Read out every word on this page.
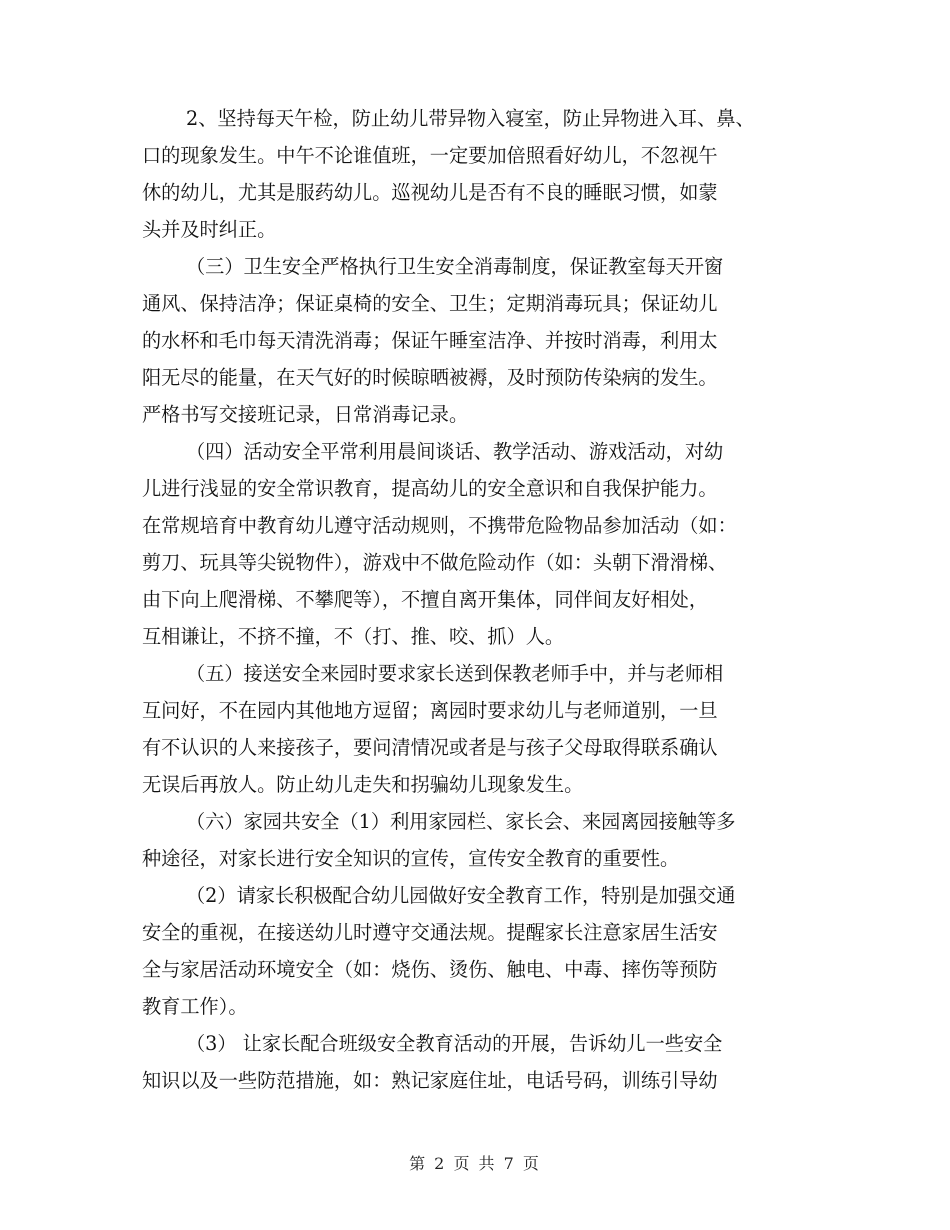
2、坚持每天午检，防止幼儿带异物入寝室，防止异物进入耳、鼻、
口的现象发生。中午不论谁值班，一定要加倍照看好幼儿，不忽视午
休的幼儿，尤其是服药幼儿。巡视幼儿是否有不良的睡眠习惯，如蒙
头并及时纠正。
（三）卫生安全严格执行卫生安全消毒制度，保证教室每天开窗
通风、保持洁净；保证桌椅的安全、卫生；定期消毒玩具；保证幼儿
的水杯和毛巾每天清洗消毒；保证午睡室洁净、并按时消毒，利用太
阳无尽的能量，在天气好的时候晾晒被褥，及时预防传染病的发生。
严格书写交接班记录，日常消毒记录。
（四）活动安全平常利用晨间谈话、教学活动、游戏活动，对幼
儿进行浅显的安全常识教育，提高幼儿的安全意识和自我保护能力。
在常规培育中教育幼儿遵守活动规则，不携带危险物品参加活动（如：
剪刀、玩具等尖锐物件），游戏中不做危险动作（如：头朝下滑滑梯、
由下向上爬滑梯、不攀爬等），不擅自离开集体，同伴间友好相处，
互相谦让，不挤不撞，不（打、推、咬、抓）人。
（五）接送安全来园时要求家长送到保教老师手中，并与老师相
互问好，不在园内其他地方逗留；离园时要求幼儿与老师道别，一旦
有不认识的人来接孩子，要问清情况或者是与孩子父母取得联系确认
无误后再放人。防止幼儿走失和拐骗幼儿现象发生。
（六）家园共安全（1）利用家园栏、家长会、来园离园接触等多
种途径，对家长进行安全知识的宣传，宣传安全教育的重要性。
（2）请家长积极配合幼儿园做好安全教育工作，特别是加强交通
安全的重视，在接送幼儿时遵守交通法规。提醒家长注意家居生活安
全与家居活动环境安全（如：烧伤、烫伤、触电、中毒、摔伤等预防
教育工作）。
（3） 让家长配合班级安全教育活动的开展，告诉幼儿一些安全
知识以及一些防范措施，如：熟记家庭住址，电话号码，训练引导幼
第 2 页 共 7 页
